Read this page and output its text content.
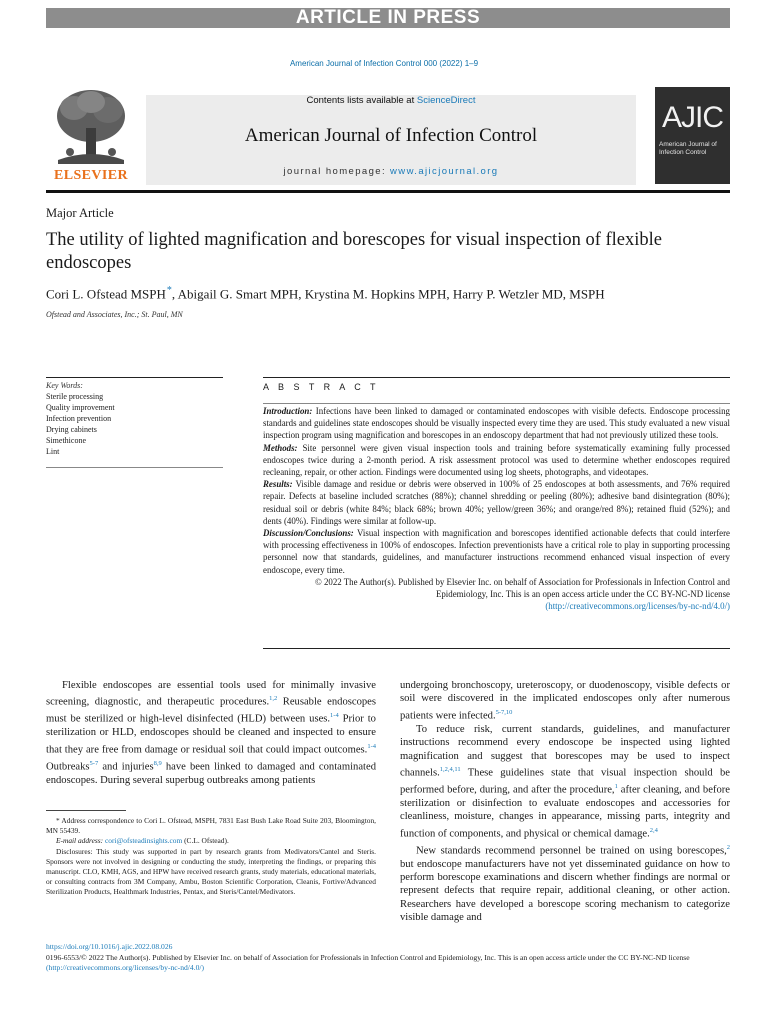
ARTICLE IN PRESS
American Journal of Infection Control 000 (2022) 1–9
ELSEVIER
Contents lists available at ScienceDirect
American Journal of Infection Control
journal homepage: www.ajicjournal.org
AJIC
American Journal of Infection Control
Major Article
The utility of lighted magnification and borescopes for visual inspection of flexible endoscopes
Cori L. Ofstead MSPH*, Abigail G. Smart MPH, Krystina M. Hopkins MPH, Harry P. Wetzler MD, MSPH
Ofstead and Associates, Inc.; St. Paul, MN
Key Words:
Sterile processing
Quality improvement
Infection prevention
Drying cabinets
Simethicone
Lint
A B S T R A C T

Introduction: Infections have been linked to damaged or contaminated endoscopes with visible defects. Endoscope processing standards and guidelines state endoscopes should be visually inspected every time they are used. This study evaluated a new visual inspection program using magnification and borescopes in an endoscopy department that had not previously utilized these tools.

Methods: Site personnel were given visual inspection tools and training before systematically examining fully processed endoscopes twice during a 2-month period. A risk assessment protocol was used to determine whether endoscopes required recleaning, repair, or other action. Findings were documented using log sheets, photographs, and videotapes.

Results: Visible damage and residue or debris were observed in 100% of 25 endoscopes at both assessments, and 76% required repair. Defects at baseline included scratches (88%); channel shredding or peeling (80%); adhesive band disintegration (80%); residual soil or debris (white 84%; black 68%; brown 40%; yellow/green 36%; and orange/red 8%); retained fluid (52%); and dents (40%). Findings were similar at follow-up.

Discussion/Conclusions: Visual inspection with magnification and borescopes identified actionable defects that could interfere with processing effectiveness in 100% of endoscopes. Infection preventionists have a critical role to play in supporting processing personnel now that standards, guidelines, and manufacturer instructions recommend enhanced visual inspection of every endoscope, every time.

© 2022 The Author(s). Published by Elsevier Inc. on behalf of Association for Professionals in Infection Control and Epidemiology, Inc. This is an open access article under the CC BY-NC-ND license
(http://creativecommons.org/licenses/by-nc-nd/4.0/)

Flexible endoscopes are essential tools used for minimally invasive screening, diagnostic, and therapeutic procedures.$^{1,2}$ Reusable endoscopes must be sterilized or high-level disinfected (HLD) between uses.$^{1-4}$ Prior to sterilization or HLD, endoscopes should be cleaned and inspected to ensure that they are free from damage or residual soil that could impact outcomes.$^{1-4}$ Outbreaks$^{5-7}$ and injuries$^{8,9}$ have been linked to damaged and contaminated endoscopes. During several superbug outbreaks among patients

* Address correspondence to Cori L. Ofstead, MSPH, 7831 East Bush Lake Road Suite 203, Bloomington, MN 55439.

E-mail address: cori@ofsteadinsights.com (C.L. Ofstead).

Disclosures: This study was supported in part by research grants from Medivators/Cantel and Steris. Sponsors were not involved in designing or conducting the study, interpreting the findings, or preparing this manuscript. CLO, KMH, AGS, and HPW have received research grants, study materials, educational materials, or consulting contracts from 3M Company, Ambu, Boston Scientific Corporation, Cleanis, Fortive/Advanced Sterilization Products, Healthmark Industries, Pentax, and Steris/Cantel/Medivators.

undergoing bronchoscopy, ureteroscopy, or duodenoscopy, visible defects or soil were discovered in the implicated endoscopes only after numerous patients were infected.$^{5-7,10}$

To reduce risk, current standards, guidelines, and manufacturer instructions recommend every endoscope be inspected using lighted magnification and suggest that borescopes may be used to inspect channels.$^{1,2,4,11}$ These guidelines state that visual inspection should be performed before, during, and after the procedure,$^1$ after cleaning, and before sterilization or disinfection to evaluate endoscopes and accessories for cleanliness, moisture, changes in appearance, missing parts, integrity and function of components, and physical or chemical damage.$^{2,4}$

New standards recommend personnel be trained on using borescopes,$^2$ but endoscope manufacturers have not yet disseminated guidance on how to perform borescope examinations and discern whether findings are normal or represent defects that require repair, additional cleaning, or other action. Researchers have developed a borescope scoring mechanism to categorize visible damage and

https://doi.org/10.1016/j.ajic.2022.08.026
0196-6553/© 2022 The Author(s). Published by Elsevier Inc. on behalf of Association for Professionals in Infection Control and Epidemiology, Inc. This is an open access article under the CC BY-NC-ND license (http://creativecommons.org/licenses/by-nc-nd/4.0/)
